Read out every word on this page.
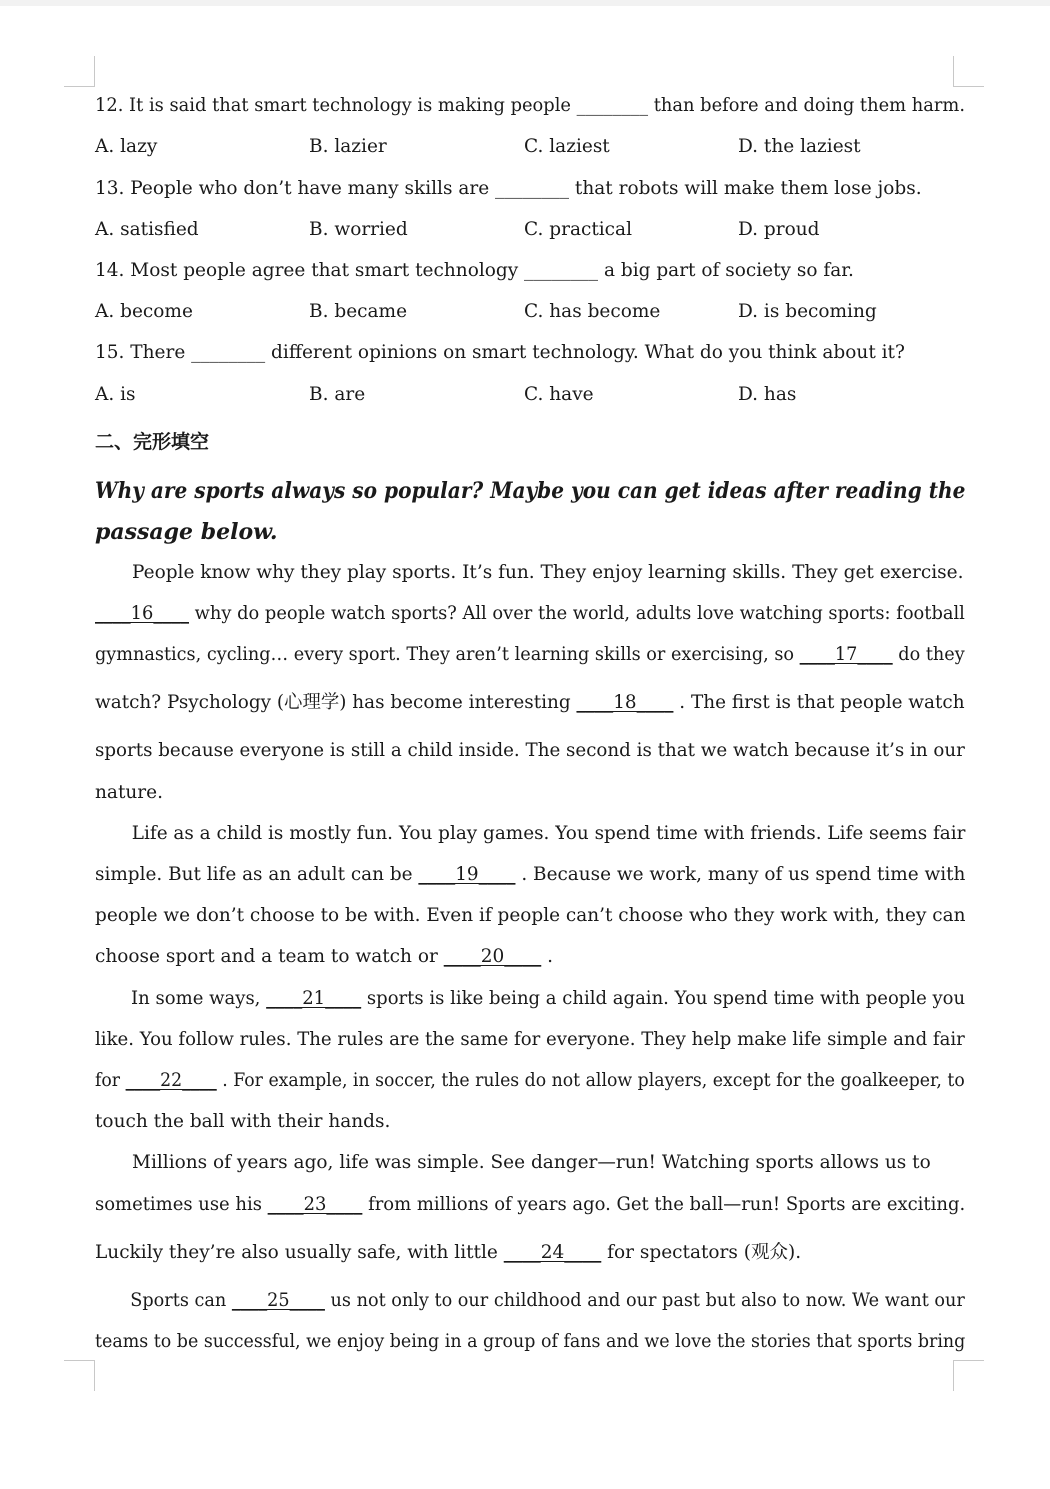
12. It is said that smart technology is making people ________ than before and doing them harm.
A. lazy	B. lazier	C. laziest	D. the laziest
13. People who don’t have many skills are ________ that robots will make them lose jobs.
A. satisfied	B. worried	C. practical	D. proud
14. Most people agree that smart technology ________ a big part of society so far.
A. become	B. became	C. has become	D. is becoming
15. There ________ different opinions on smart technology. What do you think about it?
A. is	B. are	C. have	D. has
二、完形填空
Why are sports always so popular? Maybe you can get ideas after reading the
passage below.
People know why they play sports. It’s fun. They enjoy learning skills. They get exercise.
____16____ why do people watch sports? All over the world, adults love watching sports: football
gymnastics, cycling… every sport. They aren’t learning skills or exercising, so ____17____ do they
watch? Psychology (心理学) has become interesting ____18____ . The first is that people watch
sports because everyone is still a child inside. The second is that we watch because it’s in our
nature.
Life as a child is mostly fun. You play games. You spend time with friends. Life seems fair
simple. But life as an adult can be ____19____ . Because we work, many of us spend time with
people we don’t choose to be with. Even if people can’t choose who they work with, they can
choose sport and a team to watch or ____20____ .
In some ways, ____21____ sports is like being a child again. You spend time with people you
like. You follow rules. The rules are the same for everyone. They help make life simple and fair
for ____22____ . For example, in soccer, the rules do not allow players, except for the goalkeeper, to
touch the ball with their hands.
Millions of years ago, life was simple. See danger—run! Watching sports allows us to
sometimes use his ____23____ from millions of years ago. Get the ball—run! Sports are exciting.
Luckily they’re also usually safe, with little ____24____ for spectators (观众).
Sports can ____25____ us not only to our childhood and our past but also to now. We want our
teams to be successful, we enjoy being in a group of fans and we love the stories that sports bring
